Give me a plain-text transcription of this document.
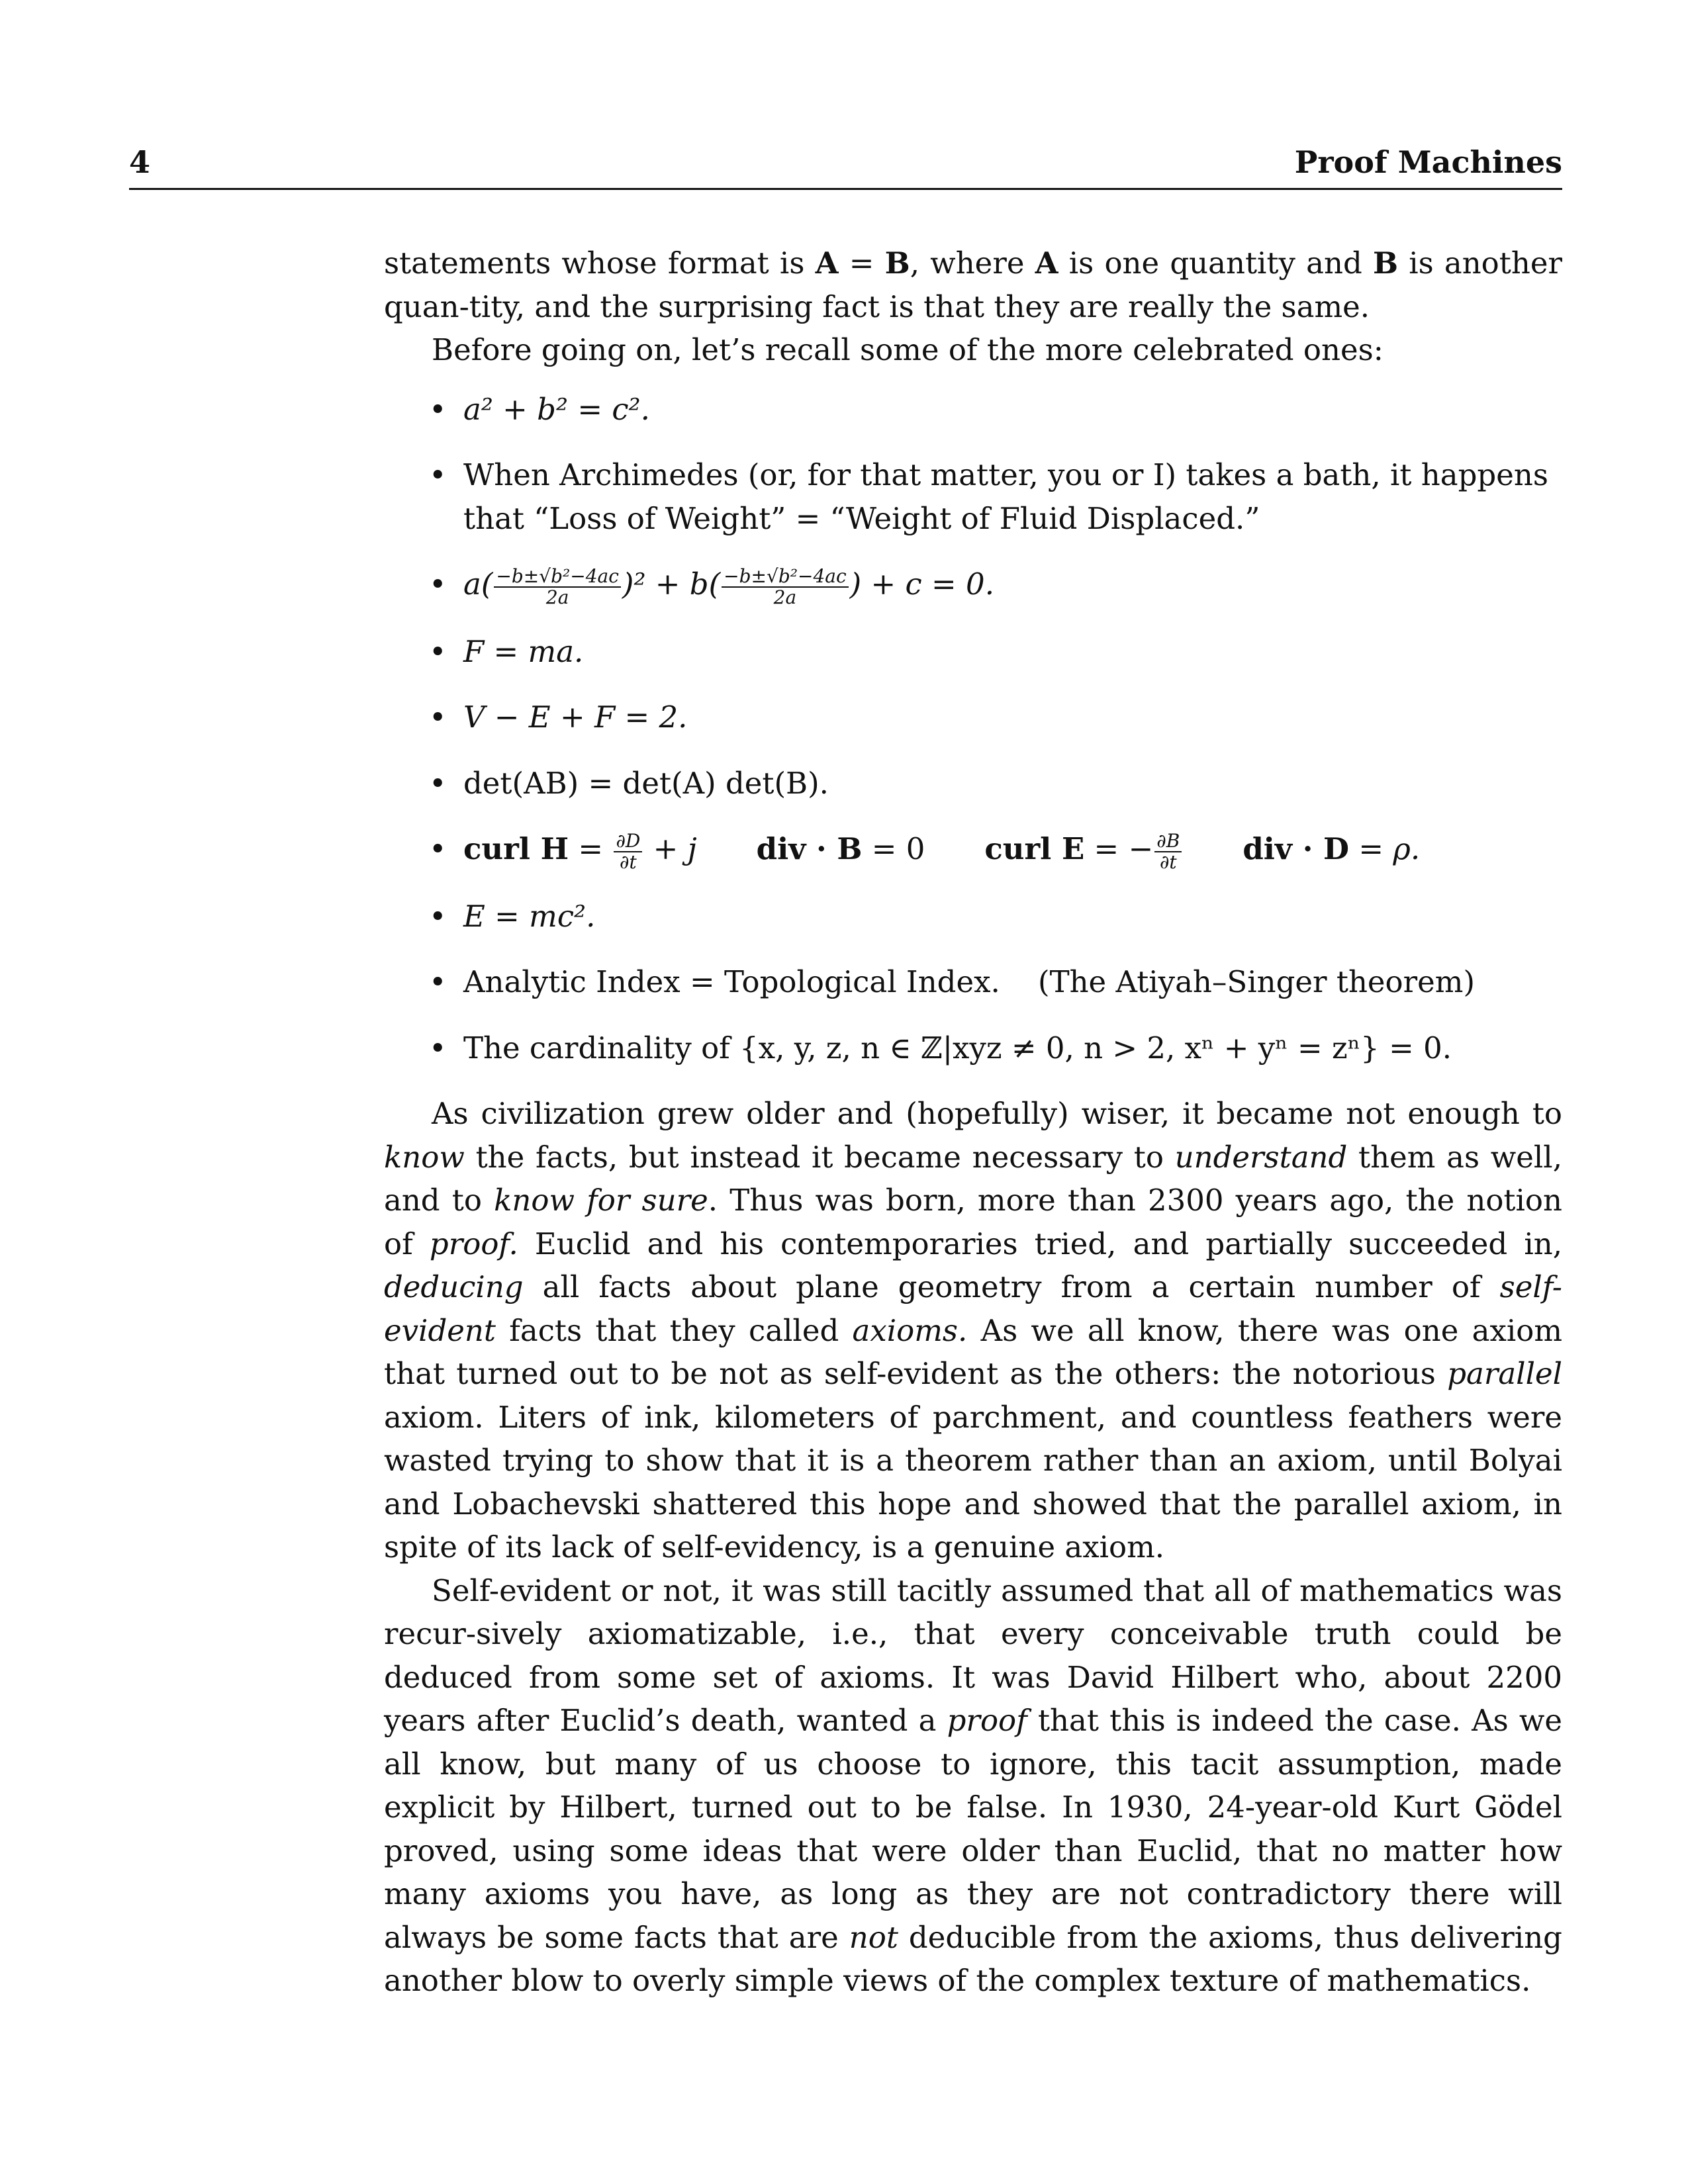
4	Proof Machines

statements whose format is A = B, where A is one quantity and B is another quan-tity, and the surprising fact is that they are really the same.

Before going on, let’s recall some of the more celebrated ones:

• a² + b² = c².
• When Archimedes (or, for that matter, you or I) takes a bath, it happens that “Loss of Weight” = “Weight of Fluid Displaced.”
• $a( \frac{\text{−b±√b²−4ac}}{2a} )^2 + b( \frac{\text{−b±√b²−4ac}}{2a}$ ) + c = 0.
• F = ma.
• V − E + F = 2.
• det(AB) = det(A) det(B).
• curl $H = \frac{\partial D}{\partial t} + j$ div · B = 0 curl E = − $\frac{\partial B}{\partial t}$ div · D = ρ.
• E = mc².
• Analytic Index = Topological Index.    (The Atiyah–Singer theorem)
• The cardinality of {x, y, z, n ∈ ℤ|xyz ≠ 0, n > 2, xⁿ + yⁿ = zⁿ} = 0.

As civilization grew older and (hopefully) wiser, it became not enough to know the facts, but instead it became necessary to understand them as well, and to know for sure. Thus was born, more than 2300 years ago, the notion of proof. Euclid and his contemporaries tried, and partially succeeded in, deducing all facts about plane geometry from a certain number of self-evident facts that they called axioms. As we all know, there was one axiom that turned out to be not as self-evident as the others: the notorious parallel axiom. Liters of ink, kilometers of parchment, and countless feathers were wasted trying to show that it is a theorem rather than an axiom, until Bolyai and Lobachevski shattered this hope and showed that the parallel axiom, in spite of its lack of self-evidency, is a genuine axiom.

Self-evident or not, it was still tacitly assumed that all of mathematics was recur-sively axiomatizable, i.e., that every conceivable truth could be deduced from some set of axioms. It was David Hilbert who, about 2200 years after Euclid’s death, wanted a proof that this is indeed the case. As we all know, but many of us choose to ignore, this tacit assumption, made explicit by Hilbert, turned out to be false. In 1930, 24-year-old Kurt Gödel proved, using some ideas that were older than Euclid, that no matter how many axioms you have, as long as they are not contradictory there will always be some facts that are not deducible from the axioms, thus delivering another blow to overly simple views of the complex texture of mathematics.
